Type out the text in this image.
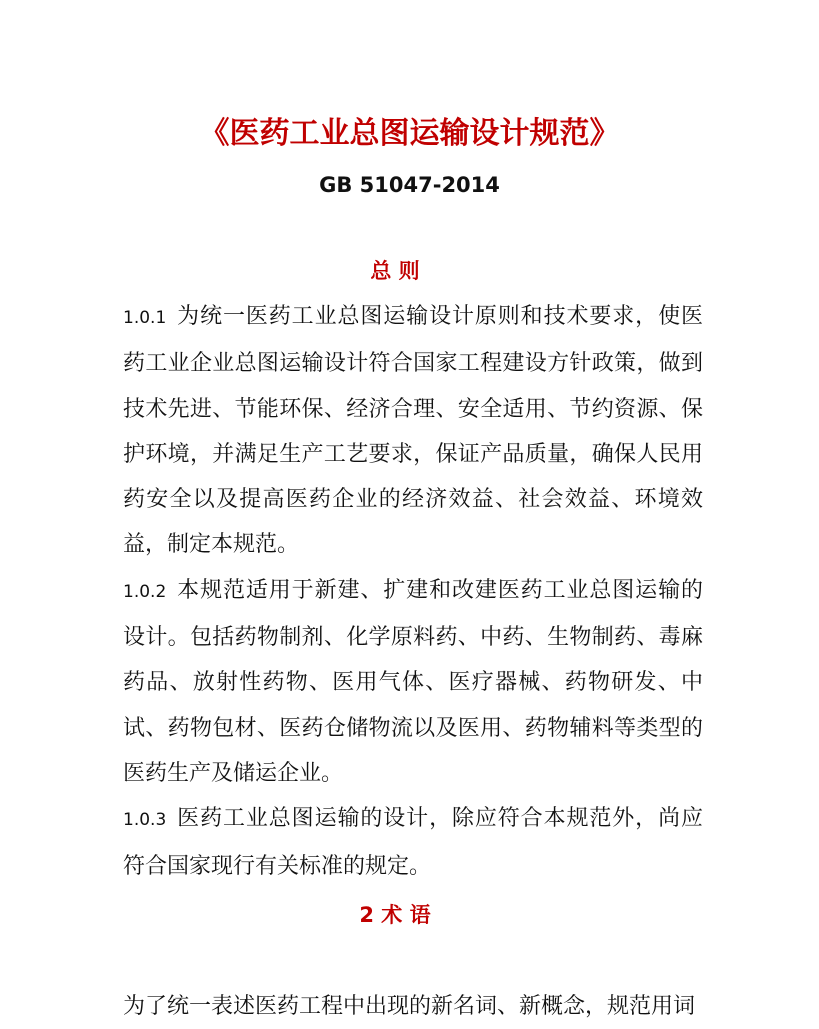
《医药工业总图运输设计规范》
GB 51047-2014
总 则

1.0.1 为统一医药工业总图运输设计原则和技术要求，使医药工业企业总图运输设计符合国家工程建设方针政策，做到技术先进、节能环保、经济合理、安全适用、节约资源、保护环境，并满足生产工艺要求，保证产品质量，确保人民用药安全以及提高医药企业的经济效益、社会效益、环境效益，制定本规范。

1.0.2 本规范适用于新建、扩建和改建医药工业总图运输的设计。包括药物制剂、化学原料药、中药、生物制药、毒麻药品、放射性药物、医用气体、医疗器械、药物研发、中试、药物包材、医药仓储物流以及医用、药物辅料等类型的医药生产及储运企业。

1.0.3 医药工业总图运输的设计，除应符合本规范外，尚应符合国家现行有关标准的规定。

2 术 语

为了统一表述医药工程中出现的新名词、新概念，规范用词
